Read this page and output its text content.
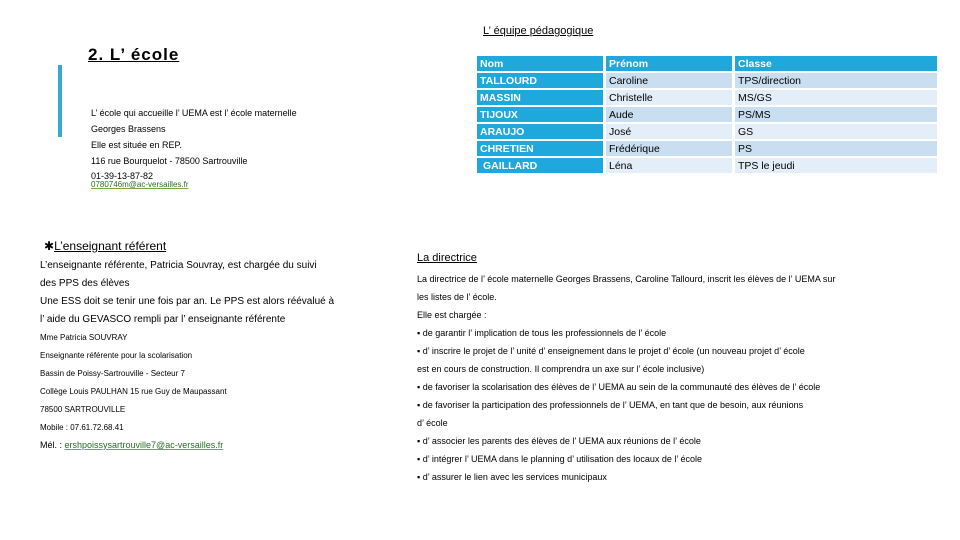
2. L’ école
L’ école qui accueille l’ UEMA est l’ école maternelle
Georges Brassens
Elle est située en REP.
116 rue Bourquelot - 78500 Sartrouville
01-39-13-87-82
0780746m@ac-versailles.fr
✱L’enseignant référent
L’enseignante référente, Patricia Souvray, est chargée du suivi
des PPS des élèves
Une ESS doit se tenir une fois par an. Le PPS est alors réévalué à
l’ aide du GEVASCO rempli par l’ enseignante référente
Mme Patricia SOUVRAY
Enseignante référente pour la scolarisation
Bassin de Poissy-Sartrouville - Secteur 7
Collège Louis PAULHAN 15 rue Guy de Maupassant
78500 SARTROUVILLE
Mobile : 07.61.72.68.41
Mél. : ershpoissysartrouville7@ac-versailles.fr
L’ équipe pédagogique
Nom	Prénom	Classe
TALLOURD	Caroline	TPS/direction
MASSIN	Christelle	MS/GS
TIJOUX	Aude	PS/MS
ARAUJO	José	GS
CHRETIEN	Frédérique	PS
GAILLARD	Léna	TPS le jeudi
La directrice
La directrice de l’ école maternelle Georges Brassens, Caroline Tallourd, inscrit les élèves de l’ UEMA sur
les listes de l’ école.
Elle est chargée :
▪ de garantir l’ implication de tous les professionnels de l’ école
▪ d’ inscrire le projet de l’ unité d’ enseignement dans le projet d’ école (un nouveau projet d’ école
est en cours de construction. Il comprendra un axe sur l’ école inclusive)
▪ de favoriser la scolarisation des élèves de l’ UEMA au sein de la communauté des élèves de l’ école
▪ de favoriser la participation des professionnels de l’ UEMA, en tant que de besoin, aux réunions
d’ école
▪ d’ associer les parents des élèves de l’ UEMA aux réunions de l’ école
▪ d’ intégrer l’ UEMA dans le planning d’ utilisation des locaux de l’ école
▪ d’ assurer le lien avec les services municipaux
